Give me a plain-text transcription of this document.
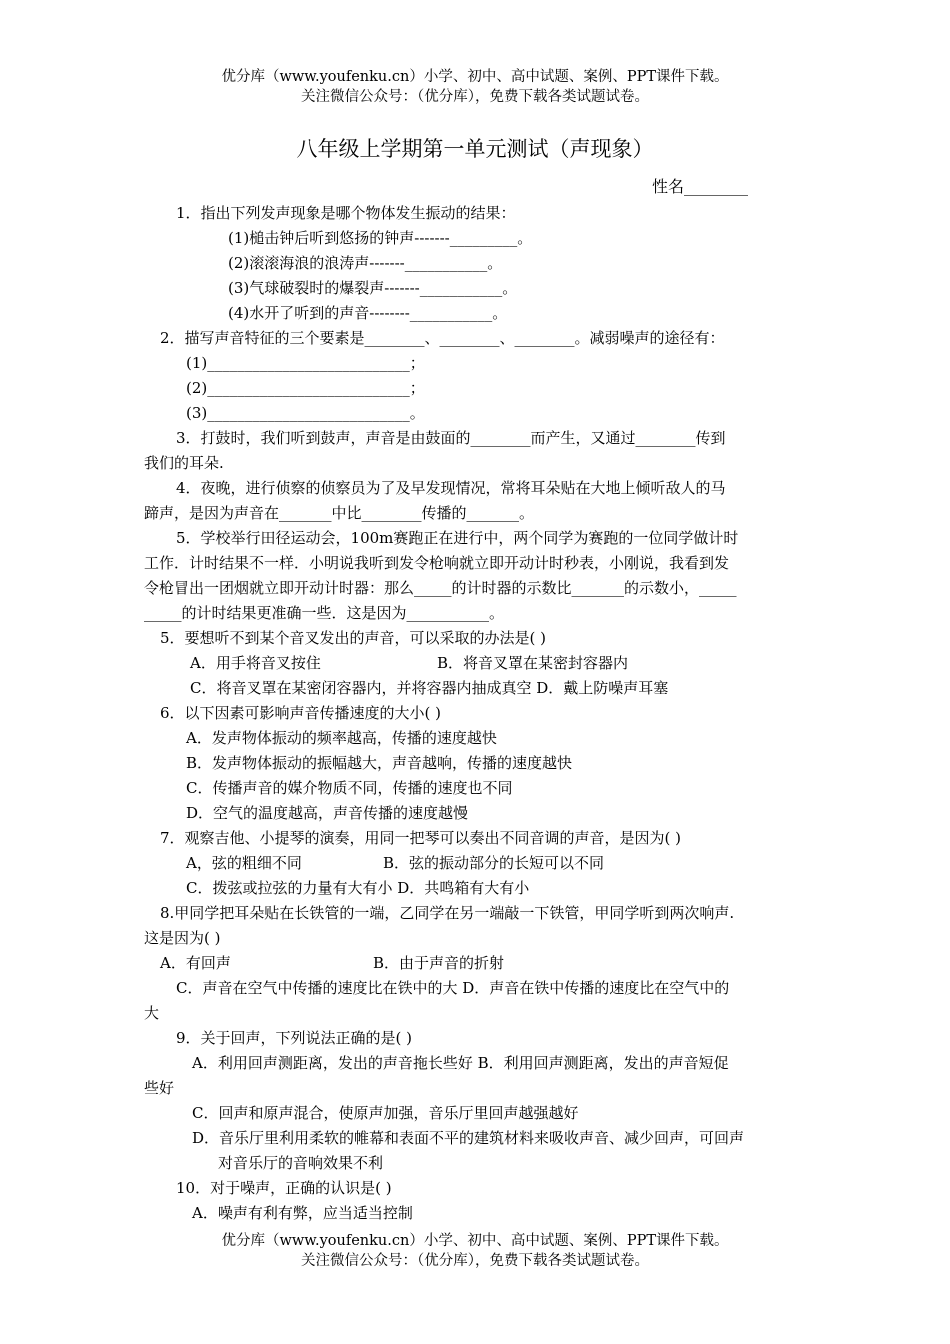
优分库（www.youfenku.cn）小学、初中、高中试题、案例、PPT课件下载。
关注微信公众号：（优分库），免费下载各类试题试卷。
八年级上学期第一单元测试（声现象）
性名________
1．指出下列发声现象是哪个物体发生振动的结果：
(1)槌击钟后听到悠扬的钟声-------_________。
(2)滚滚海浪的浪涛声-------___________。
(3)气球破裂时的爆裂声-------___________。
(4)水开了听到的声音--------___________。
2．描写声音特征的三个要素是________、________、________。减弱噪声的途径有：
(1)___________________________；
(2)___________________________；
(3)___________________________。
3．打鼓时，我们听到鼓声，声音是由鼓面的________而产生，又通过________传到
我们的耳朵.
4．夜晚，进行侦察的侦察员为了及早发现情况，常将耳朵贴在大地上倾听敌人的马
蹄声，是因为声音在_______中比________传播的_______。
5．学校举行田径运动会，100m赛跑正在进行中，两个同学为赛跑的一位同学做计时
工作．计时结果不一样．小明说我听到发令枪响就立即开动计时秒表，小刚说，我看到发
令枪冒出一团烟就立即开动计时器：那么_____的计时器的示数比_______的示数小，_____
_____的计时结果更准确一些．这是因为___________。
5．要想听不到某个音叉发出的声音，可以采取的办法是( )
A．用手将音叉按住	B．将音叉罩在某密封容器内
C．将音叉罩在某密闭容器内，并将容器内抽成真空 D．戴上防噪声耳塞
6．以下因素可影响声音传播速度的大小( )
A．发声物体振动的频率越高，传播的速度越快
B．发声物体振动的振幅越大，声音越响，传播的速度越快
C．传播声音的媒介物质不同，传播的速度也不同
D．空气的温度越高，声音传播的速度越慢
7．观察吉他、小提琴的演奏，用同一把琴可以奏出不同音调的声音，是因为( )
A，弦的粗细不同	B．弦的振动部分的长短可以不同
C．拨弦或拉弦的力量有大有小 D．共鸣箱有大有小
8.甲同学把耳朵贴在长铁管的一端，乙同学在另一端敲一下铁管，甲同学听到两次响声.
这是因为( )
A．有回声	B．由于声音的折射
C．声音在空气中传播的速度比在铁中的大 D．声音在铁中传播的速度比在空气中的
大
9．关于回声，下列说法正确的是( )
A．利用回声测距离，发出的声音拖长些好 B．利用回声测距离，发出的声音短促
些好
C．回声和原声混合，使原声加强，音乐厅里回声越强越好
D．音乐厅里利用柔软的帷幕和表面不平的建筑材料来吸收声音、减少回声，可回声
对音乐厅的音响效果不利
10．对于噪声，正确的认识是( )
A．噪声有利有弊，应当适当控制
优分库（www.youfenku.cn）小学、初中、高中试题、案例、PPT课件下载。
关注微信公众号：（优分库），免费下载各类试题试卷。
